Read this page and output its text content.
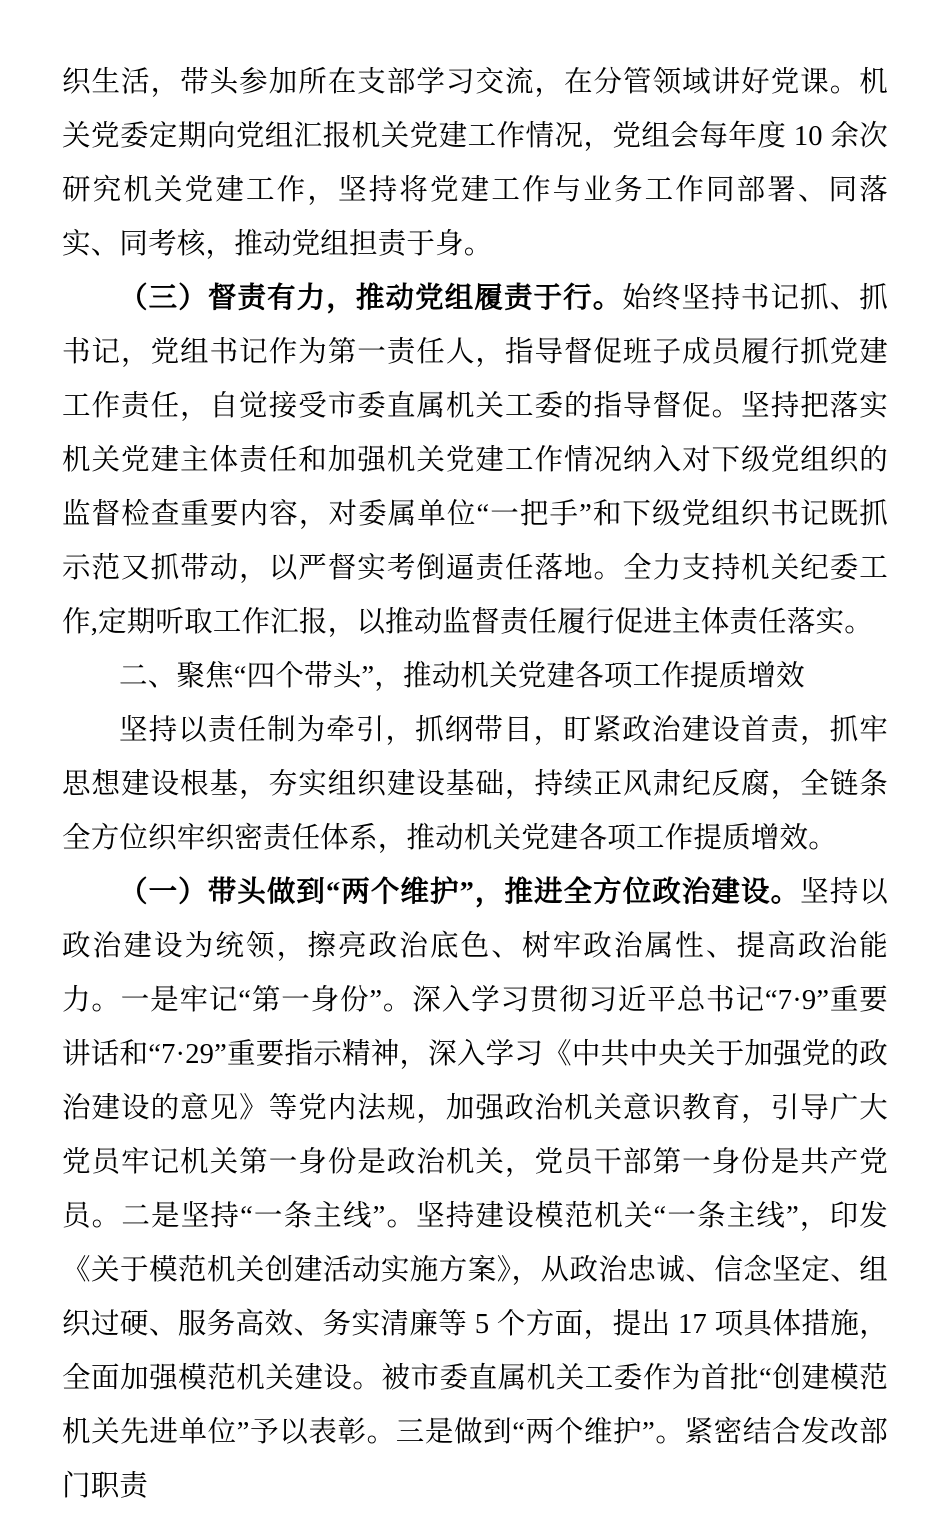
织生活，带头参加所在支部学习交流，在分管领域讲好党课。机关党委定期向党组汇报机关党建工作情况，党组会每年度 10 余次研究机关党建工作，坚持将党建工作与业务工作同部署、同落实、同考核，推动党组担责于身。

（三）督责有力，推动党组履责于行。始终坚持书记抓、抓书记，党组书记作为第一责任人，指导督促班子成员履行抓党建工作责任，自觉接受市委直属机关工委的指导督促。坚持把落实机关党建主体责任和加强机关党建工作情况纳入对下级党组织的监督检查重要内容，对委属单位“一把手”和下级党组织书记既抓示范又抓带动，以严督实考倒逼责任落地。全力支持机关纪委工作,定期听取工作汇报，以推动监督责任履行促进主体责任落实。

二、聚焦“四个带头”，推动机关党建各项工作提质增效

坚持以责任制为牵引，抓纲带目，盯紧政治建设首责，抓牢思想建设根基，夯实组织建设基础，持续正风肃纪反腐，全链条全方位织牢织密责任体系，推动机关党建各项工作提质增效。

（一）带头做到“两个维护”，推进全方位政治建设。坚持以政治建设为统领，擦亮政治底色、树牢政治属性、提高政治能力。一是牢记“第一身份”。深入学习贯彻习近平总书记“7·9”重要讲话和“7·29”重要指示精神，深入学习《中共中央关于加强党的政治建设的意见》等党内法规，加强政治机关意识教育，引导广大党员牢记机关第一身份是政治机关，党员干部第一身份是共产党员。二是坚持“一条主线”。坚持建设模范机关“一条主线”，印发《关于模范机关创建活动实施方案》，从政治忠诚、信念坚定、组织过硬、服务高效、务实清廉等 5 个方面，提出 17 项具体措施，全面加强模范机关建设。被市委直属机关工委作为首批“创建模范机关先进单位”予以表彰。三是做到“两个维护”。紧密结合发改部门职责
